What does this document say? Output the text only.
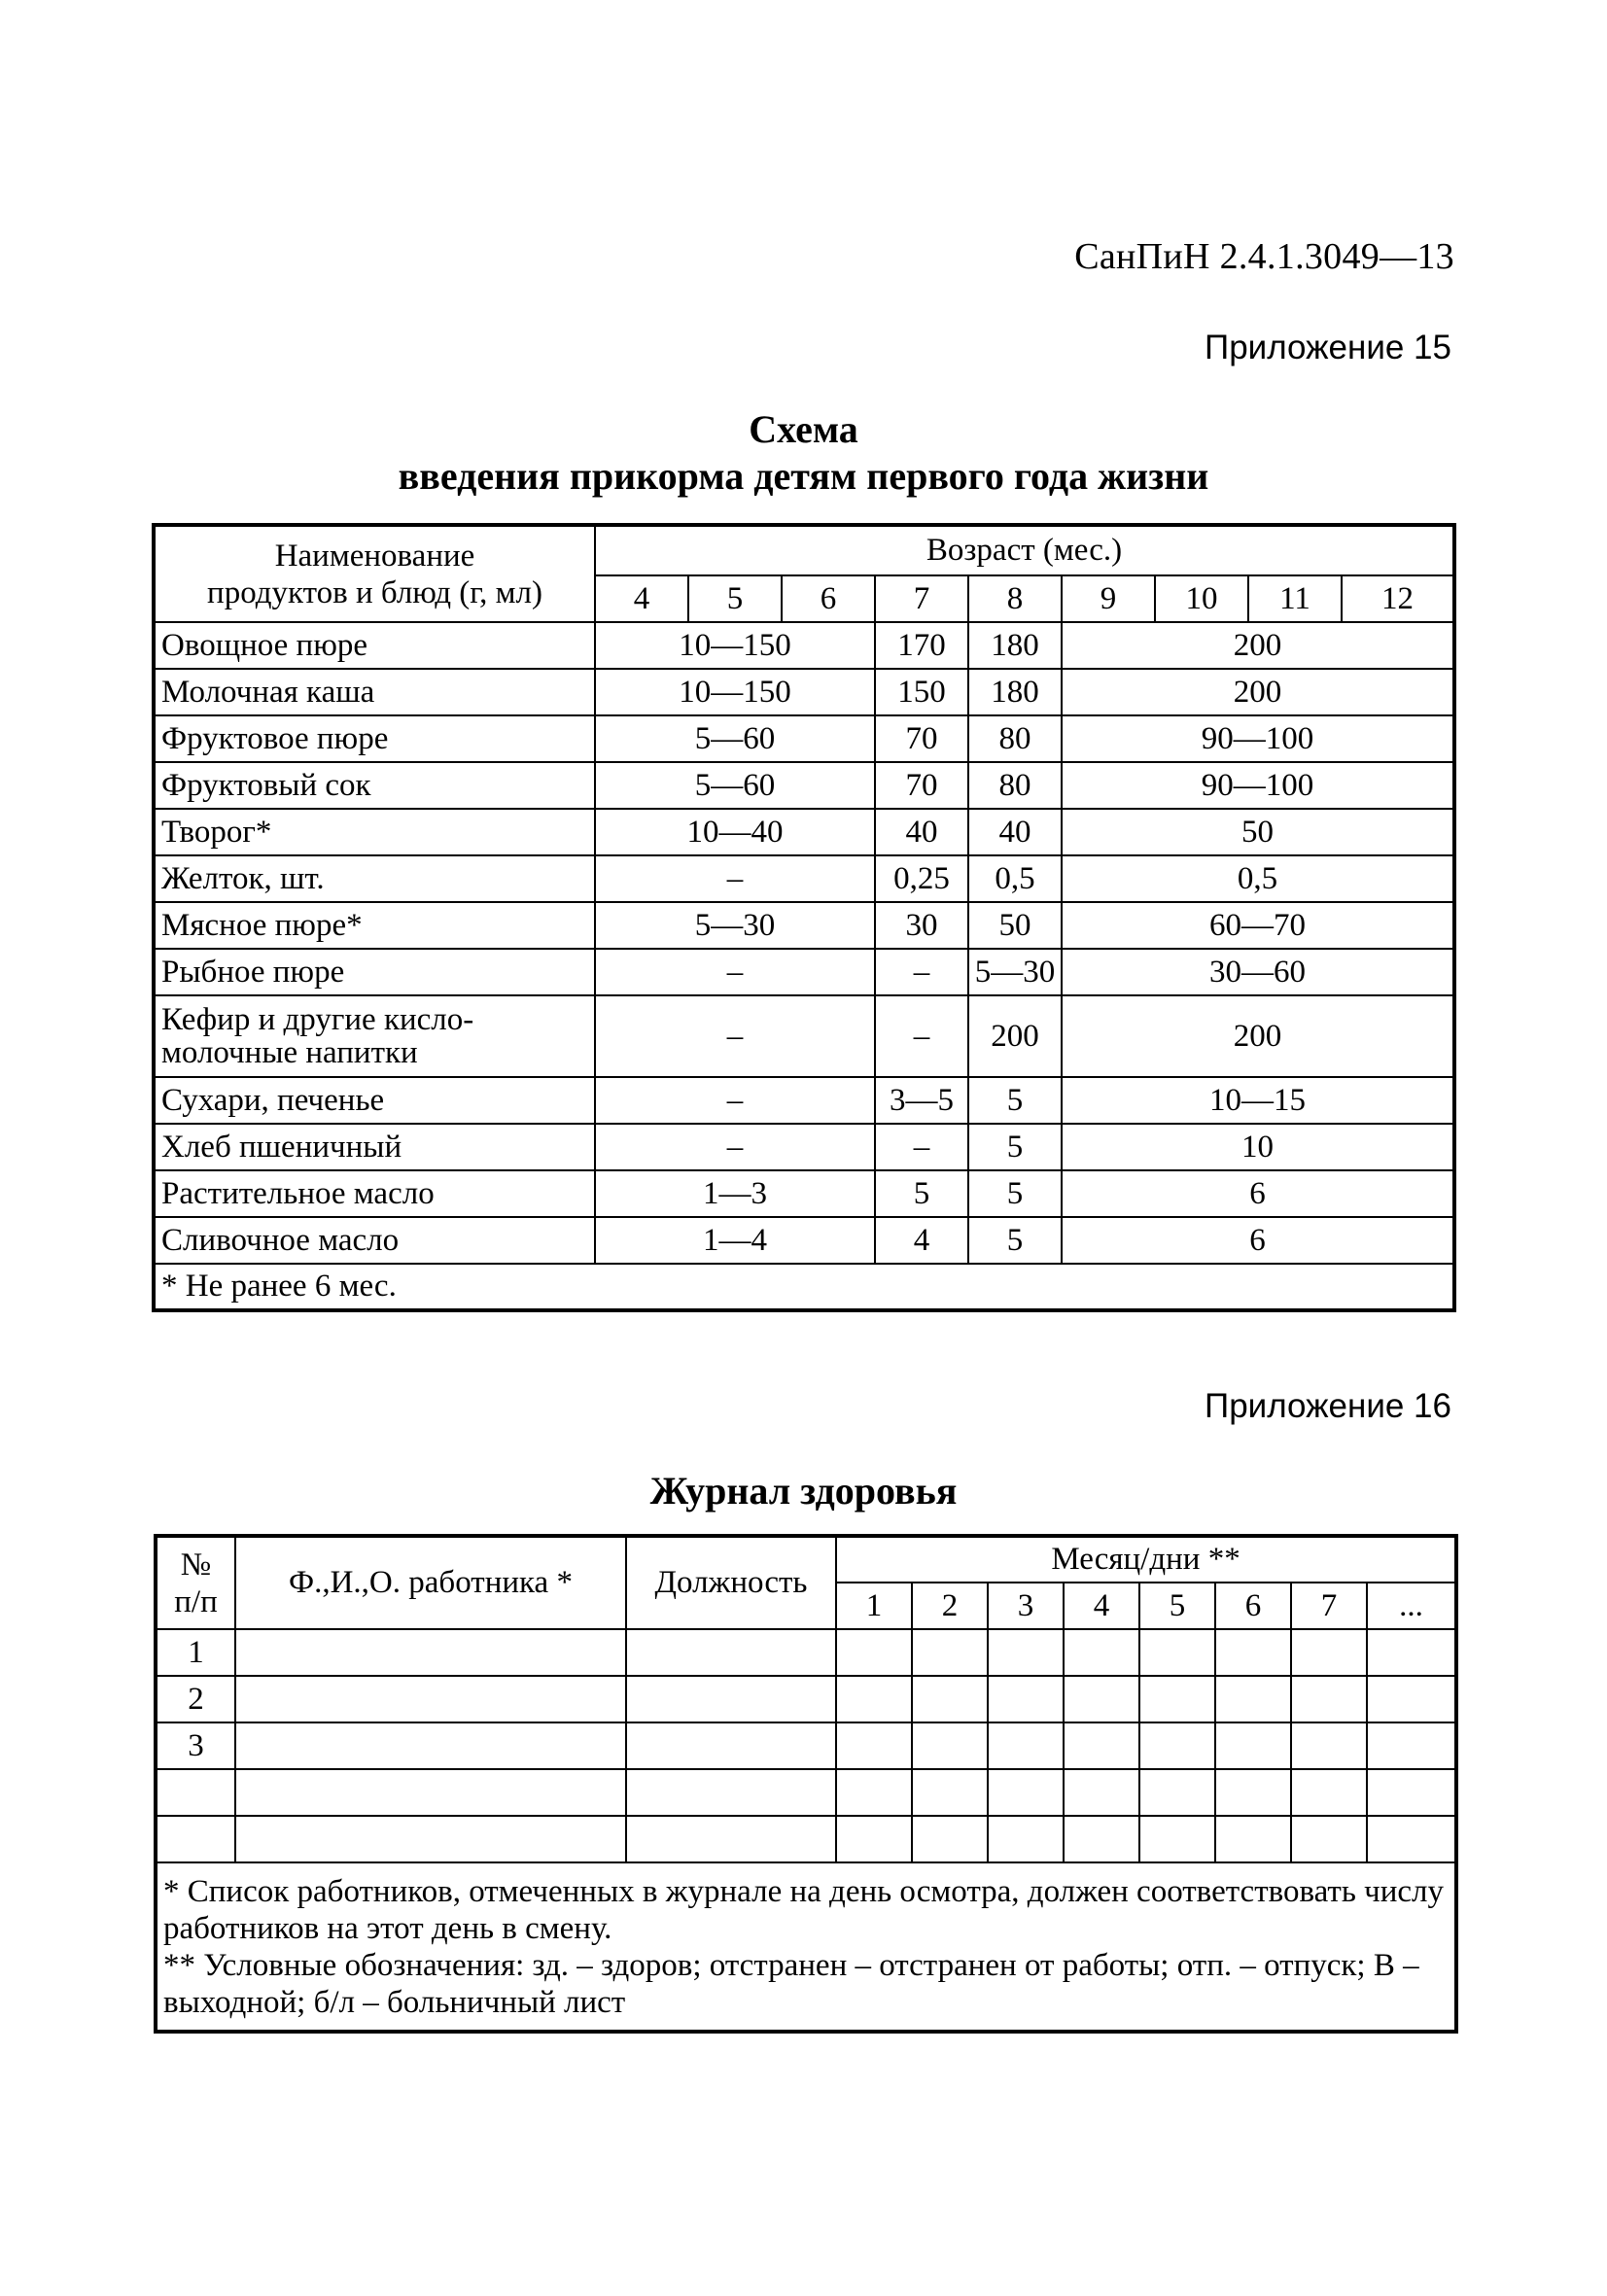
СанПиН 2.4.1.3049—13
Приложение 15
Схема
введения прикорма детям первого года жизни
Наименование
продуктов и блюд (г, мл)	Возраст (мес.)								
	4	5	6	7	8	9	10	11	12
Овощное пюре	10—150			170	180	200			
Молочная каша	10—150			150	180	200			
Фруктовое пюре	5—60			70	80	90—100			
Фруктовый сок	5—60			70	80	90—100			
Творог*	10—40			40	40	50			
Желток, шт.	–			0,25	0,5	0,5			
Мясное пюре*	5—30			30	50	60—70			
Рыбное пюре	–			–	5—30	30—60			
Кефир и другие кисло-молочные напитки	–			–	200	200			
Сухари, печенье	–			3—5	5	10—15			
Хлеб пшеничный	–			–	5	10			
Растительное масло	1—3			5	5	6			
Сливочное масло	1—4			4	5	6			
* Не ранее 6 мес.									
Приложение 16
Журнал здоровья
№
п/п	Ф.,И.,О. работника *	Должность	Месяц/дни **							
			1	2	3	4	5	6	7	...
1										
2										
3										

* Список работников, отмеченных в журнале на день осмотра, должен соответствовать числу работников на этот день в смену.
** Условные обозначения: зд. – здоров; отстранен – отстранен от работы; отп. – отпуск; В – выходной; б/л – больничный лист										
